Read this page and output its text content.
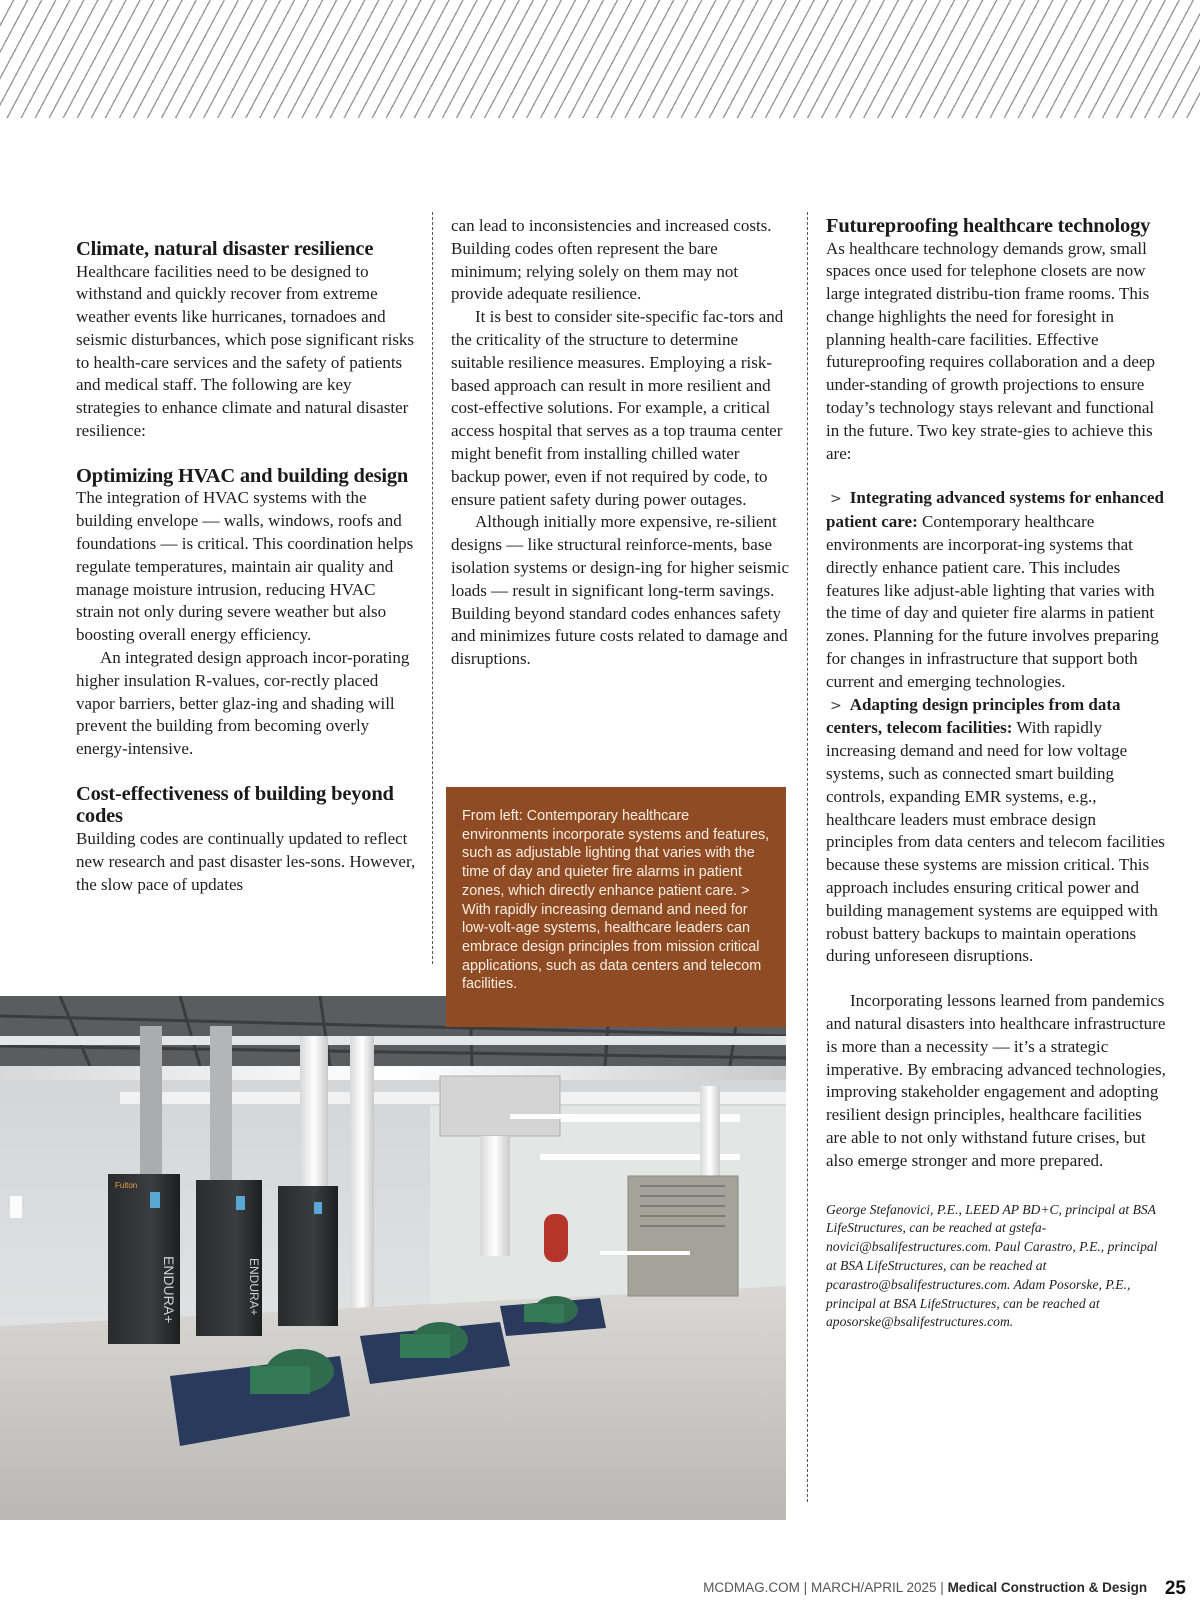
Climate, natural disaster resilience

Healthcare facilities need to be designed to withstand and quickly recover from extreme weather events like hurricanes, tornadoes and seismic disturbances, which pose significant risks to health-care services and the safety of patients and medical staff. The following are key strategies to enhance climate and natural disaster resilience:

Optimizing HVAC and building design

The integration of HVAC systems with the building envelope — walls, windows, roofs and foundations — is critical. This coordination helps regulate temperatures, maintain air quality and manage moisture intrusion, reducing HVAC strain not only during severe weather but also boosting overall energy efficiency.

An integrated design approach incor-porating higher insulation R-values, cor-rectly placed vapor barriers, better glaz-ing and shading will prevent the building from becoming overly energy-intensive.

Cost-effectiveness of building beyond codes

Building codes are continually updated to reflect new research and past disaster les-sons. However, the slow pace of updates

can lead to inconsistencies and increased costs. Building codes often represent the bare minimum; relying solely on them may not provide adequate resilience.

It is best to consider site-specific fac-tors and the criticality of the structure to determine suitable resilience measures. Employing a risk-based approach can result in more resilient and cost-effective solutions. For example, a critical access hospital that serves as a top trauma center might benefit from installing chilled water backup power, even if not required by code, to ensure patient safety during power outages.

Although initially more expensive, re-silient designs — like structural reinforce-ments, base isolation systems or design-ing for higher seismic loads — result in significant long-term savings. Building beyond standard codes enhances safety and minimizes future costs related to damage and disruptions.

Futureproofing healthcare technology

As healthcare technology demands grow, small spaces once used for telephone closets are now large integrated distribu-tion frame rooms. This change highlights the need for foresight in planning health-care facilities. Effective futureproofing requires collaboration and a deep under-standing of growth projections to ensure today’s technology stays relevant and functional in the future. Two key strate-gies to achieve this are:

> Integrating advanced systems for enhanced patient care: Contemporary healthcare environments are incorporat-ing systems that directly enhance patient care. This includes features like adjust-able lighting that varies with the time of day and quieter fire alarms in patient zones. Planning for the future involves preparing for changes in infrastructure that support both current and emerging technologies.

> Adapting design principles from data centers, telecom facilities: With rapidly increasing demand and need for low voltage systems, such as connected smart building controls, expanding EMR systems, e.g., healthcare leaders must embrace design principles from data centers and telecom facilities because these systems are mission critical. This approach includes ensuring critical power and building management systems are equipped with robust battery backups to maintain operations during unforeseen disruptions.

Incorporating lessons learned from pandemics and natural disasters into healthcare infrastructure is more than a necessity — it’s a strategic imperative. By embracing advanced technologies, improving stakeholder engagement and adopting resilient design principles, healthcare facilities are able to not only withstand future crises, but also emerge stronger and more prepared.

George Stefanovici, P.E., LEED AP BD+C, principal at BSA LifeStructures, can be reached at gstefa-novici@bsalifestructures.com. Paul Carastro, P.E., principal at BSA LifeStructures, can be reached at pcarastro@bsalifestructures.com. Adam Posorske, P.E., principal at BSA LifeStructures, can be reached at aposorske@bsalifestructures.com.

Fulton
ENDURA+	ENDURA+
From left: Contemporary healthcare environments incorporate systems and features, such as adjustable lighting that varies with the time of day and quieter fire alarms in patient zones, which directly enhance patient care. > With rapidly increasing demand and need for low-volt-age systems, healthcare leaders can embrace design principles from mission critical applications, such as data centers and telecom facilities.
MCDMAG.COM | MARCH/APRIL 2025 | Medical Construction & Design 25
